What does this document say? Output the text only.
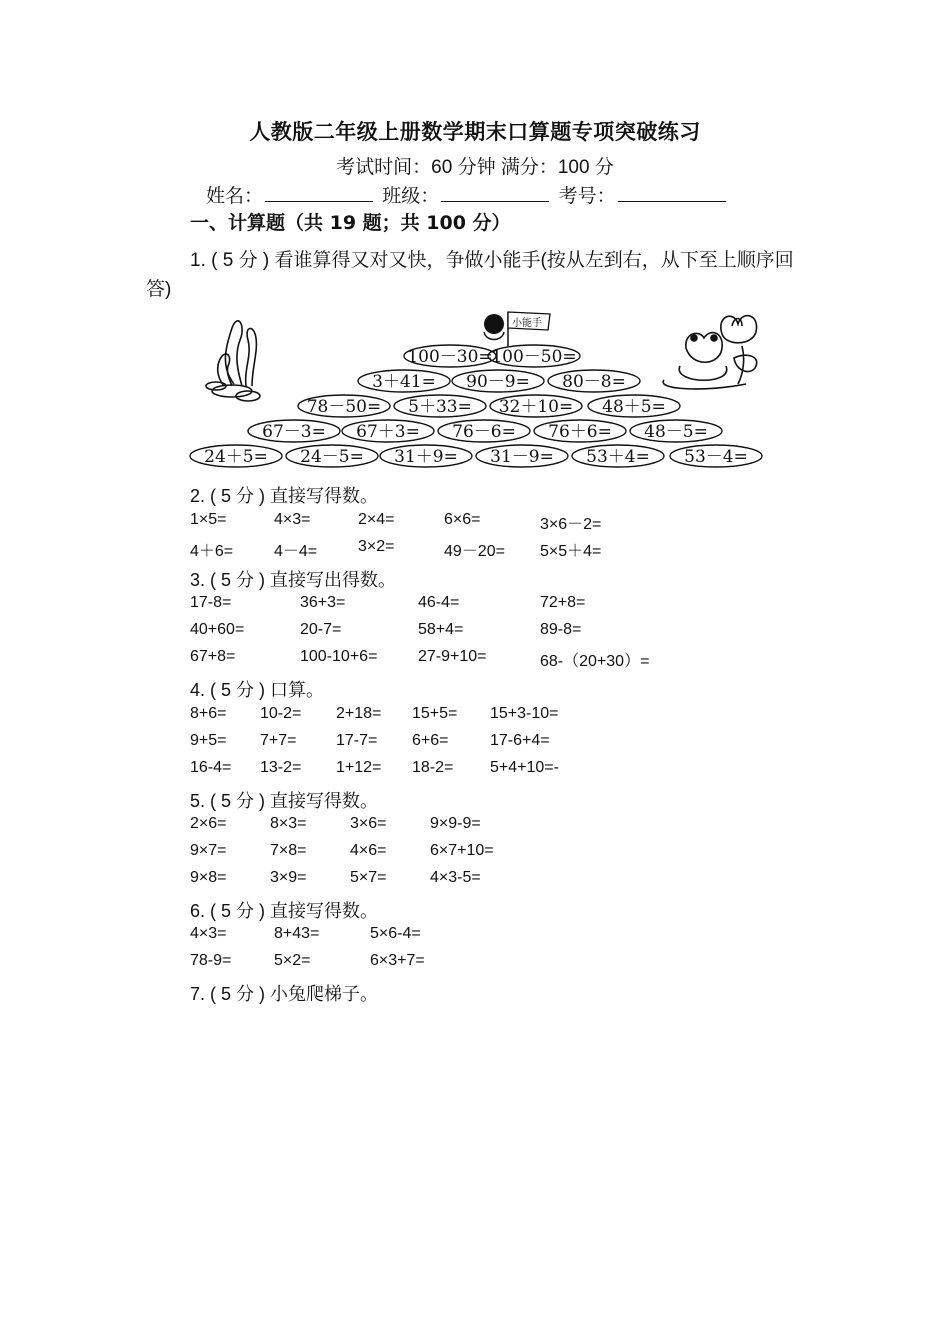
人教版二年级上册数学期末口算题专项突破练习
考试时间：60 分钟 满分：100 分
姓名：	班级：	考号：
一、计算题（共 19 题；共 100 分）
1. ( 5 分 ) 看谁算得又对又快，争做小能手(按从左到右，从下至上顺序回答)
小能手
100－30=
100－50=
3＋41= 90－9= 80－8=
78－50= 5＋33= 32＋10= 48＋5=
67－3= 67＋3= 76－6= 76＋6= 48－5=
24＋5= 24－5= 31＋9= 31－9= 53＋4= 53－4=
2. ( 5 分 ) 直接写得数。
1×5=	4×3=	2×4=	6×6=	3×6－2=
4＋6=	4－4=	3×2=	49－20= 5×5＋4=
3. ( 5 分 ) 直接写出得数。
17-8=	36+3=	46-4=	72+8=
40+60=	20-7=	58+4=	89-8=
67+8=	100-10+6=	27-9+10=	68-（20+30）=
4. ( 5 分 ) 口算。
8+6= 10-2= 2+18= 15+5= 15+3-10=
9+5= 7+7= 17-7= 6+6=	17-6+4=
16-4= 13-2= 1+12= 18-2= 5+4+10=-
5. ( 5 分 ) 直接写得数。
2×6=	8×3=	3×6=	9×9-9=
9×7=	7×8=	4×6=	6×7+10=
9×8=	3×9=	5×7=	4×3-5=
6. ( 5 分 ) 直接写得数。
4×3=	8+43=	5×6-4=
78-9=	5×2=	6×3+7=
7. ( 5 分 ) 小兔爬梯子。
